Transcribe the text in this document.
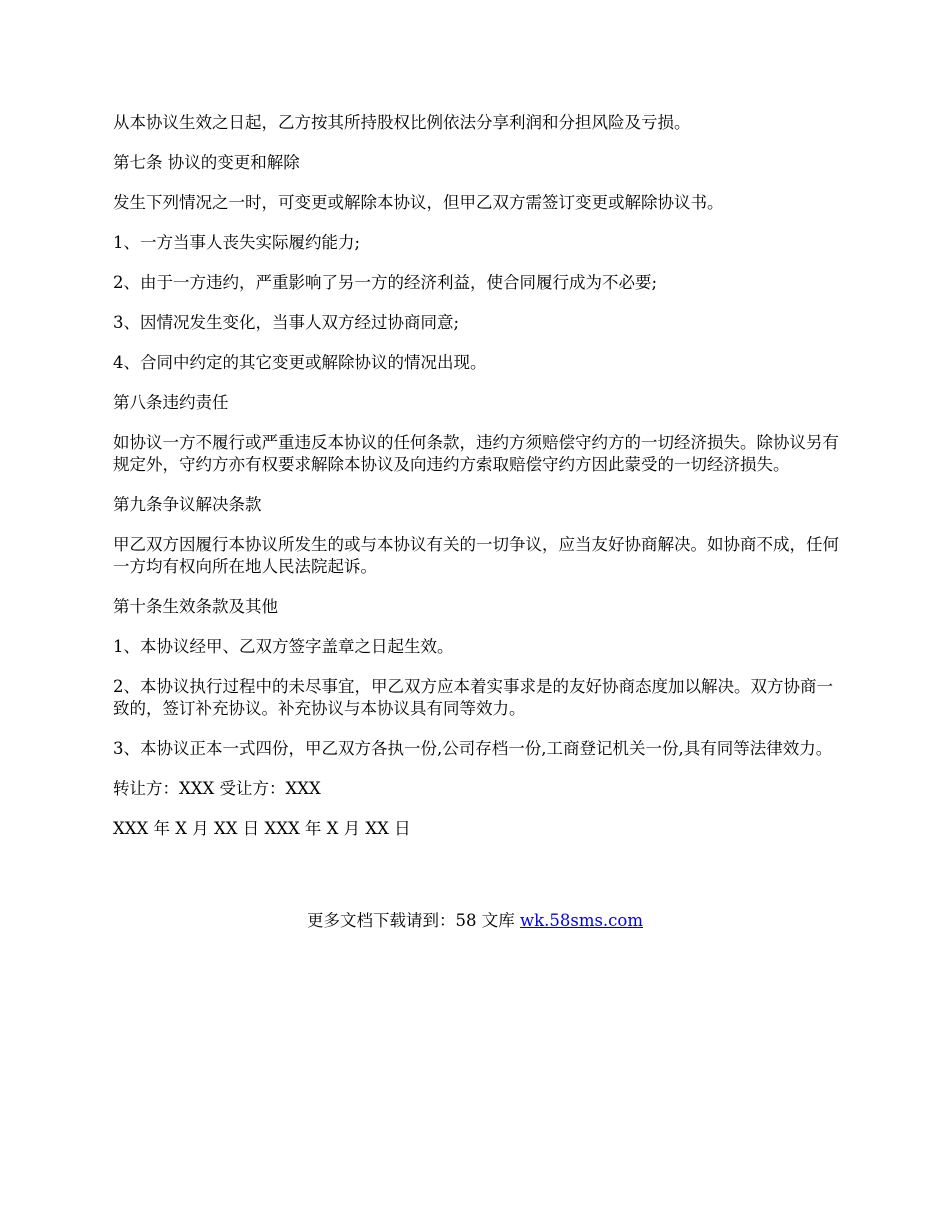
从本协议生效之日起，乙方按其所持股权比例依法分享利润和分担风险及亏损。

第七条 协议的变更和解除

发生下列情况之一时，可变更或解除本协议，但甲乙双方需签订变更或解除协议书。

1、一方当事人丧失实际履约能力;

2、由于一方违约，严重影响了另一方的经济利益，使合同履行成为不必要;

3、因情况发生变化，当事人双方经过协商同意;

4、合同中约定的其它变更或解除协议的情况出现。

第八条违约责任

如协议一方不履行或严重违反本协议的任何条款，违约方须赔偿守约方的一切经济损失。除协议另有规定外，守约方亦有权要求解除本协议及向违约方索取赔偿守约方因此蒙受的一切经济损失。

第九条争议解决条款

甲乙双方因履行本协议所发生的或与本协议有关的一切争议，应当友好协商解决。如协商不成，任何一方均有权向所在地人民法院起诉。

第十条生效条款及其他

1、本协议经甲、乙双方签字盖章之日起生效。

2、本协议执行过程中的未尽事宜，甲乙双方应本着实事求是的友好协商态度加以解决。双方协商一致的，签订补充协议。补充协议与本协议具有同等效力。

3、本协议正本一式四份，甲乙双方各执一份,公司存档一份,工商登记机关一份,具有同等法律效力。

转让方：XXX 受让方：XXX

XXX 年 X 月 XX 日 XXX 年 X 月 XX 日

更多文档下载请到：58 文库 wk.58sms.com
